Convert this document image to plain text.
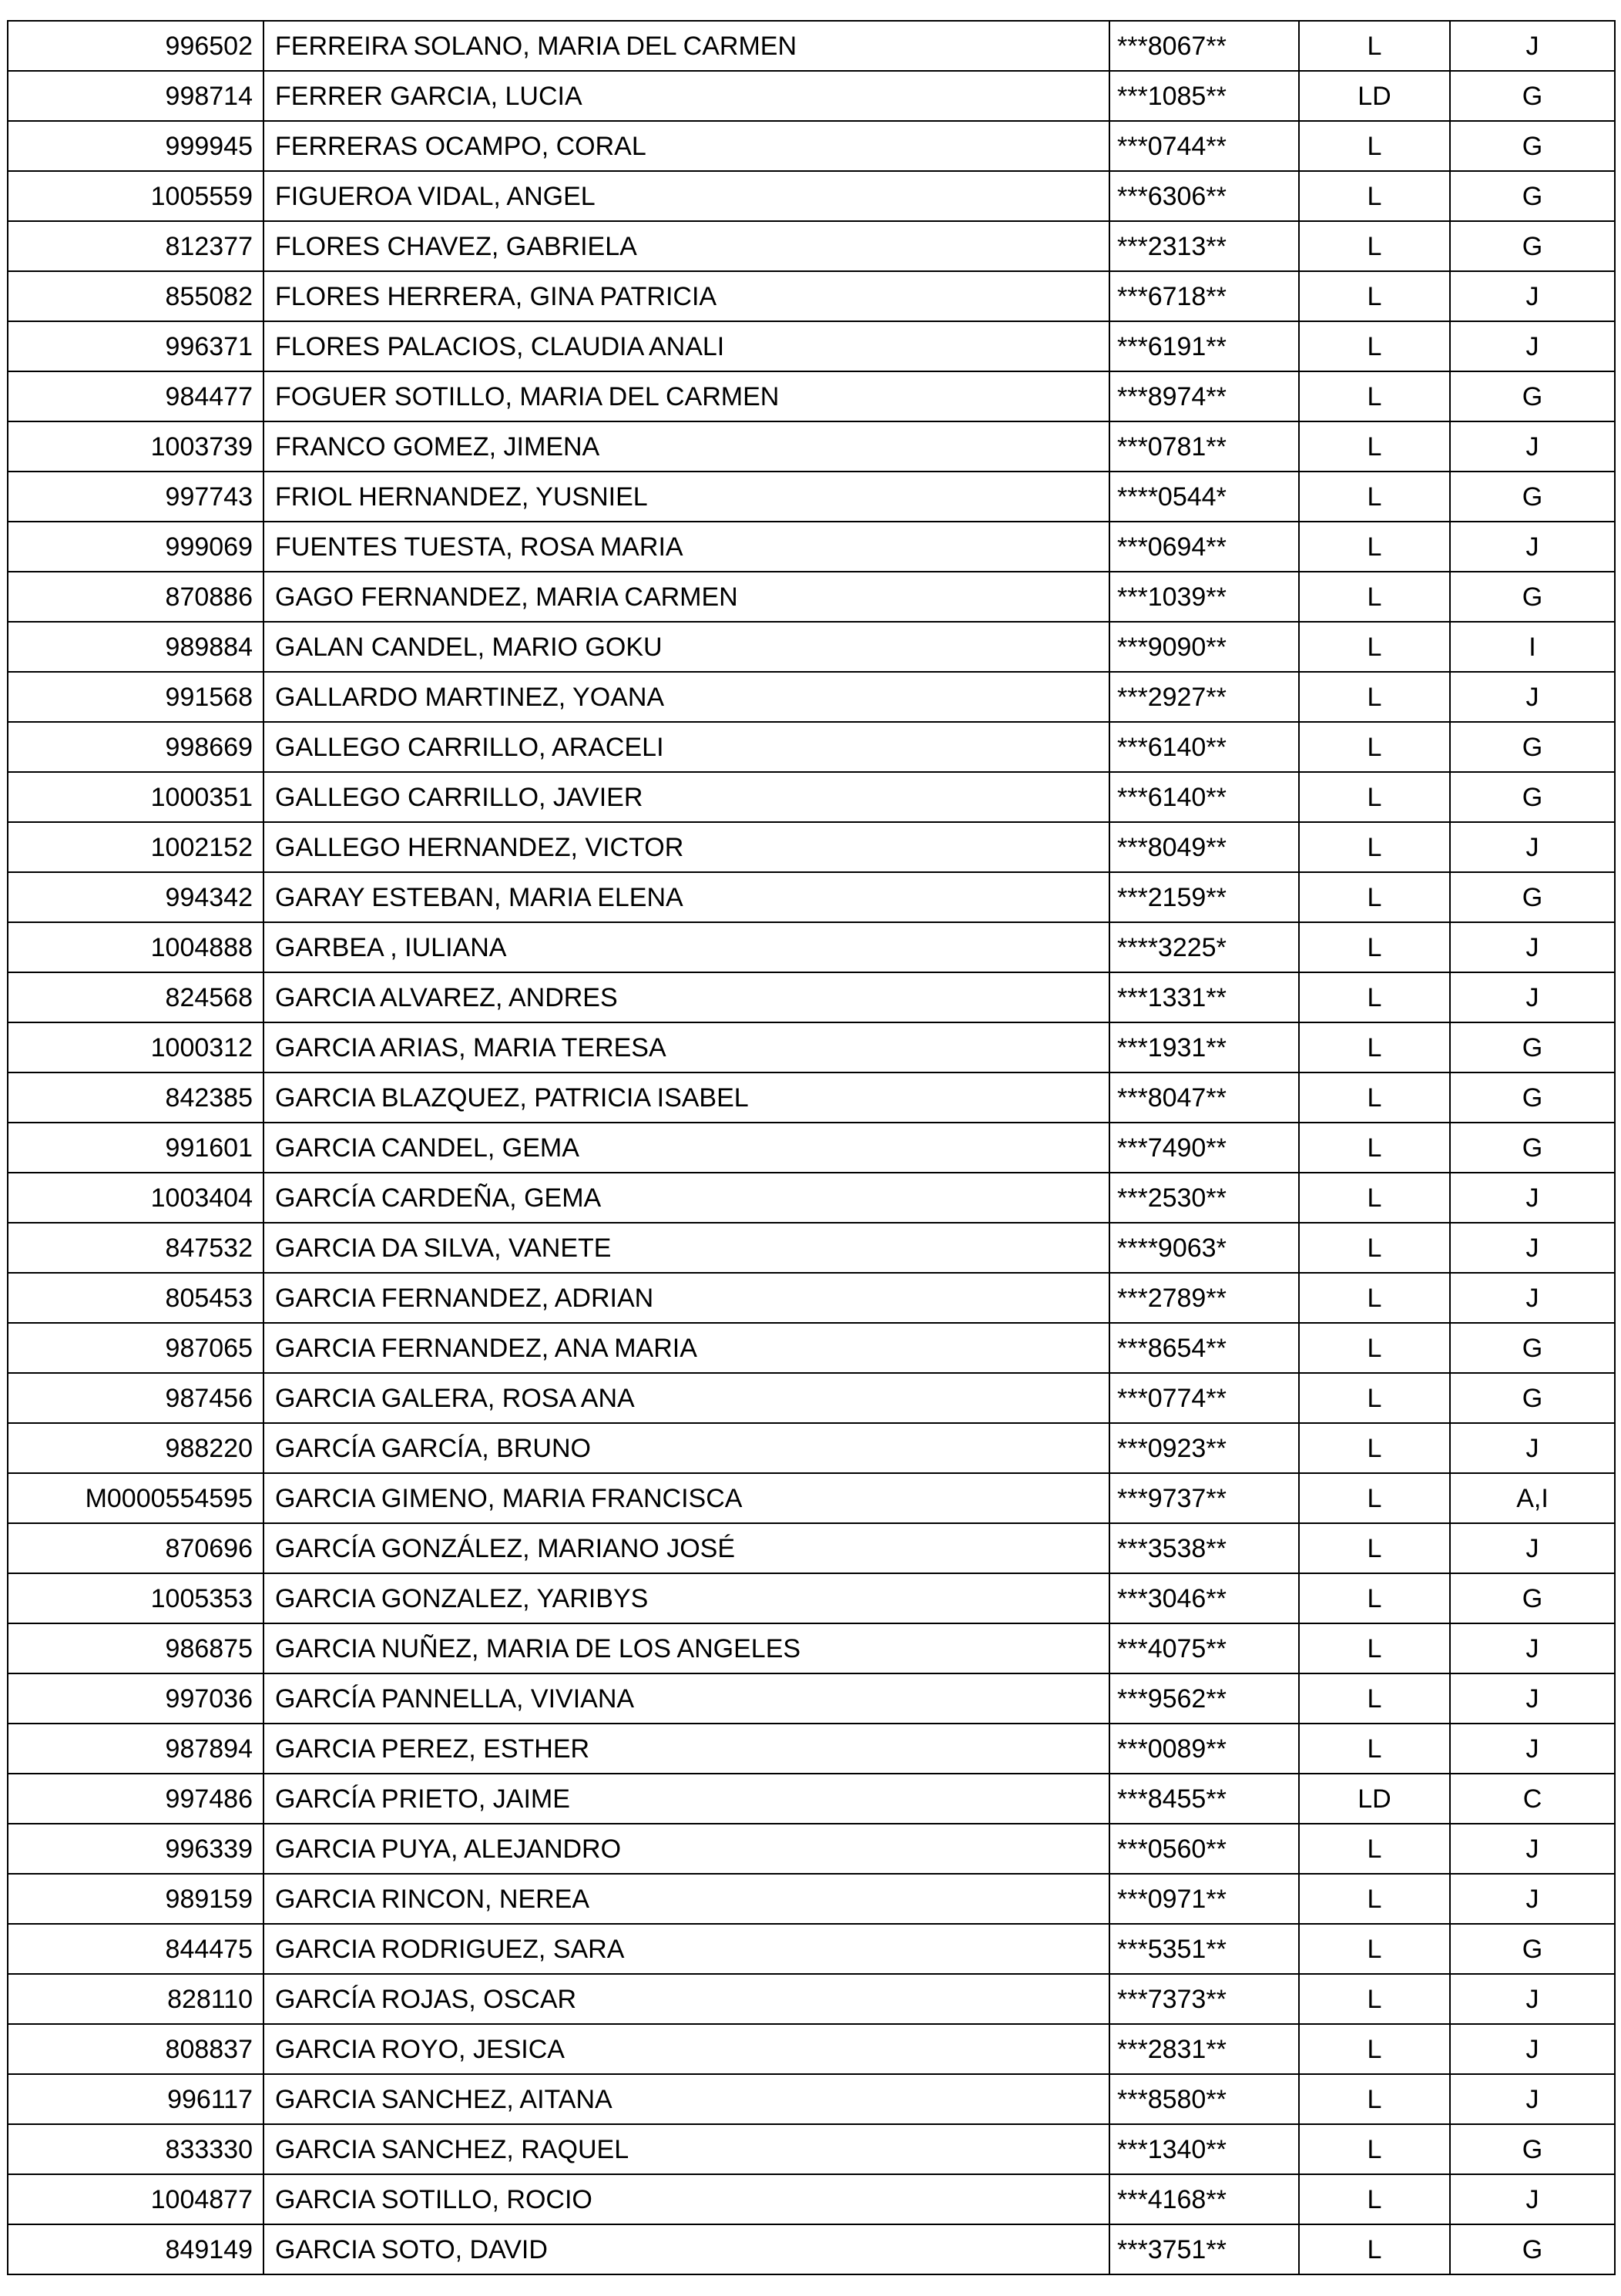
996502	FERREIRA SOLANO, MARIA DEL CARMEN	***8067**	L	J
998714	FERRER GARCIA, LUCIA	***1085**	LD	G
999945	FERRERAS OCAMPO, CORAL	***0744**	L	G
1005559	FIGUEROA VIDAL, ANGEL	***6306**	L	G
812377	FLORES CHAVEZ, GABRIELA	***2313**	L	G
855082	FLORES HERRERA, GINA PATRICIA	***6718**	L	J
996371	FLORES PALACIOS, CLAUDIA ANALI	***6191**	L	J
984477	FOGUER SOTILLO, MARIA DEL CARMEN	***8974**	L	G
1003739	FRANCO GOMEZ, JIMENA	***0781**	L	J
997743	FRIOL HERNANDEZ, YUSNIEL	****0544*	L	G
999069	FUENTES TUESTA, ROSA MARIA	***0694**	L	J
870886	GAGO FERNANDEZ, MARIA CARMEN	***1039**	L	G
989884	GALAN CANDEL, MARIO GOKU	***9090**	L	I
991568	GALLARDO MARTINEZ, YOANA	***2927**	L	J
998669	GALLEGO CARRILLO, ARACELI	***6140**	L	G
1000351	GALLEGO CARRILLO, JAVIER	***6140**	L	G
1002152	GALLEGO HERNANDEZ, VICTOR	***8049**	L	J
994342	GARAY ESTEBAN, MARIA ELENA	***2159**	L	G
1004888	GARBEA , IULIANA	****3225*	L	J
824568	GARCIA ALVAREZ, ANDRES	***1331**	L	J
1000312	GARCIA ARIAS, MARIA TERESA	***1931**	L	G
842385	GARCIA BLAZQUEZ, PATRICIA ISABEL	***8047**	L	G
991601	GARCIA CANDEL, GEMA	***7490**	L	G
1003404	GARCÍA CARDEÑA, GEMA	***2530**	L	J
847532	GARCIA DA SILVA, VANETE	****9063*	L	J
805453	GARCIA FERNANDEZ, ADRIAN	***2789**	L	J
987065	GARCIA FERNANDEZ, ANA MARIA	***8654**	L	G
987456	GARCIA GALERA, ROSA ANA	***0774**	L	G
988220	GARCÍA GARCÍA, BRUNO	***0923**	L	J
M0000554595	GARCIA GIMENO, MARIA FRANCISCA	***9737**	L	A,I
870696	GARCÍA GONZÁLEZ, MARIANO JOSÉ	***3538**	L	J
1005353	GARCIA GONZALEZ, YARIBYS	***3046**	L	G
986875	GARCIA NUÑEZ, MARIA DE LOS ANGELES	***4075**	L	J
997036	GARCÍA PANNELLA, VIVIANA	***9562**	L	J
987894	GARCIA PEREZ, ESTHER	***0089**	L	J
997486	GARCÍA PRIETO, JAIME	***8455**	LD	C
996339	GARCIA PUYA, ALEJANDRO	***0560**	L	J
989159	GARCIA RINCON, NEREA	***0971**	L	J
844475	GARCIA RODRIGUEZ, SARA	***5351**	L	G
828110	GARCÍA ROJAS, OSCAR	***7373**	L	J
808837	GARCIA ROYO, JESICA	***2831**	L	J
996117	GARCIA SANCHEZ, AITANA	***8580**	L	J
833330	GARCIA SANCHEZ, RAQUEL	***1340**	L	G
1004877	GARCIA SOTILLO, ROCIO	***4168**	L	J
849149	GARCIA SOTO, DAVID	***3751**	L	G
